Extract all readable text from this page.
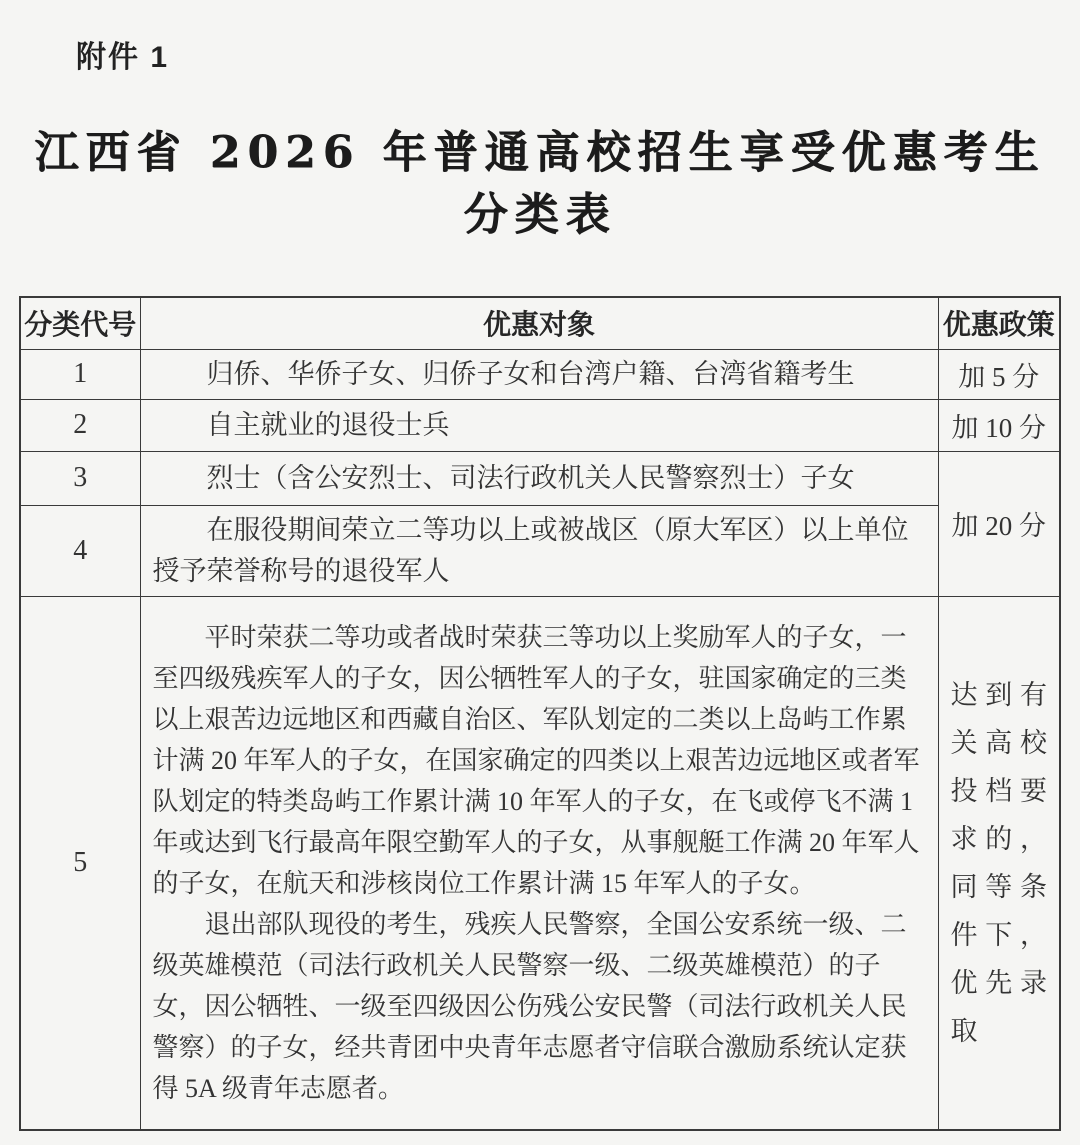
附件 1
江西省 2026 年普通高校招生享受优惠考生
分类表
分类代号	优惠对象	优惠政策
1	归侨、华侨子女、归侨子女和台湾户籍、台湾省籍考生	加 5 分
2	自主就业的退役士兵	加 10 分
3	烈士（含公安烈士、司法行政机关人民警察烈士）子女	加 20 分
4	在服役期间荣立二等功以上或被战区（原大军区）以上单位授予荣誉称号的退役军人	

5	平时荣获二等功或者战时荣获三等功以上奖励军人的子女，一至四级残疾军人的子女，因公牺牲军人的子女，驻国家确定的三类以上艰苦边远地区和西藏自治区、军队划定的二类以上岛屿工作累计满 20 年军人的子女，在国家确定的四类以上艰苦边远地区或者军队划定的特类岛屿工作累计满 10 年军人的子女，在飞或停飞不满 1 年或达到飞行最高年限空勤军人的子女，从事舰艇工作满 20 年军人的子女，在航天和涉核岗位工作累计满 15 年军人的子女。

退出部队现役的考生，残疾人民警察，全国公安系统一级、二级英雄模范（司法行政机关人民警察一级、二级英雄模范）的子女，因公牺牲、一级至四级因公伤残公安民警（司法行政机关人民警察）的子女，经共青团中央青年志愿者守信联合激励系统认定获得 5A 级青年志愿者。	达到有关高校投档要求的，同等条件下，优先录取
